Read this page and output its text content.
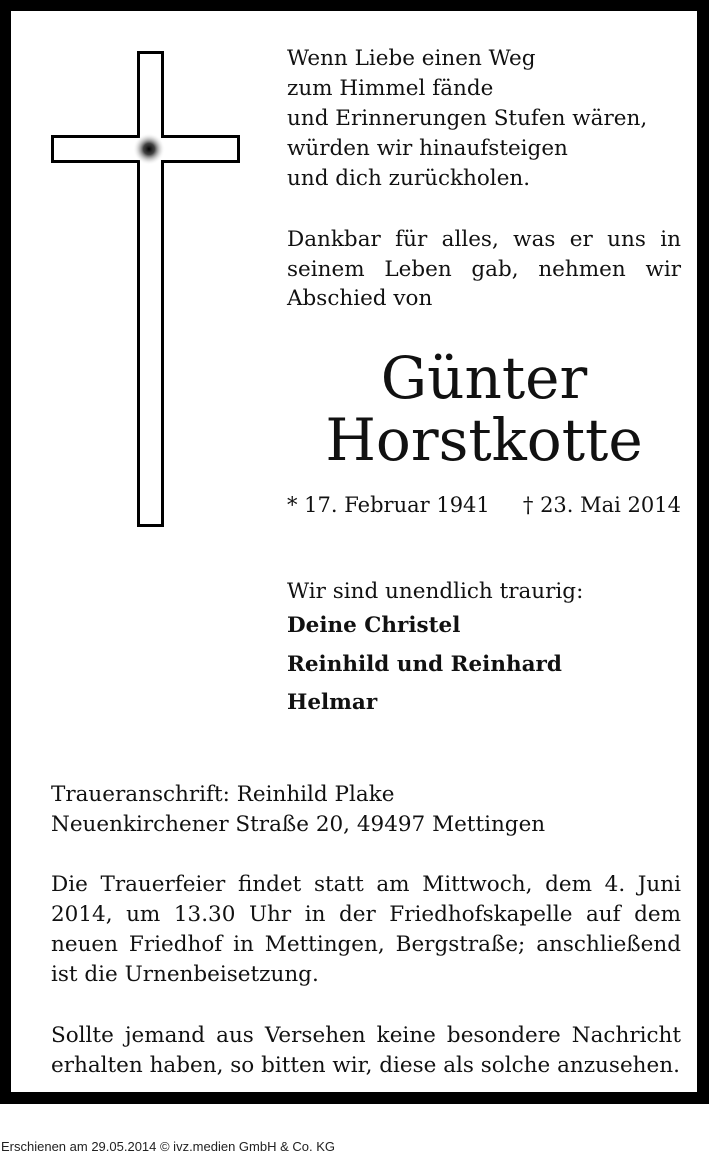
Wenn Liebe einen Weg
zum Himmel fände
und Erinnerungen Stufen wären,
würden wir hinaufsteigen
und dich zurückholen.

Dankbar für alles, was er uns in seinem Leben gab, nehmen wir Abschied von

Günter
Horstkotte
* 17. Februar 1941 † 23. Mai 2014
Wir sind unendlich traurig:
Deine Christel
Reinhild und Reinhard
Helmar
Traueranschrift: Reinhild Plake
Neuenkirchener Straße 20, 49497 Mettingen

Die Trauerfeier findet statt am Mittwoch, dem 4. Juni 2014, um 13.30 Uhr in der Friedhofskapelle auf dem neuen Friedhof in Mettingen, Bergstraße; anschließend ist die Urnenbeisetzung.

Sollte jemand aus Versehen keine besondere Nachricht erhalten haben, so bitten wir, diese als solche anzusehen.

Erschienen am 29.05.2014 © ivz.medien GmbH & Co. KG
